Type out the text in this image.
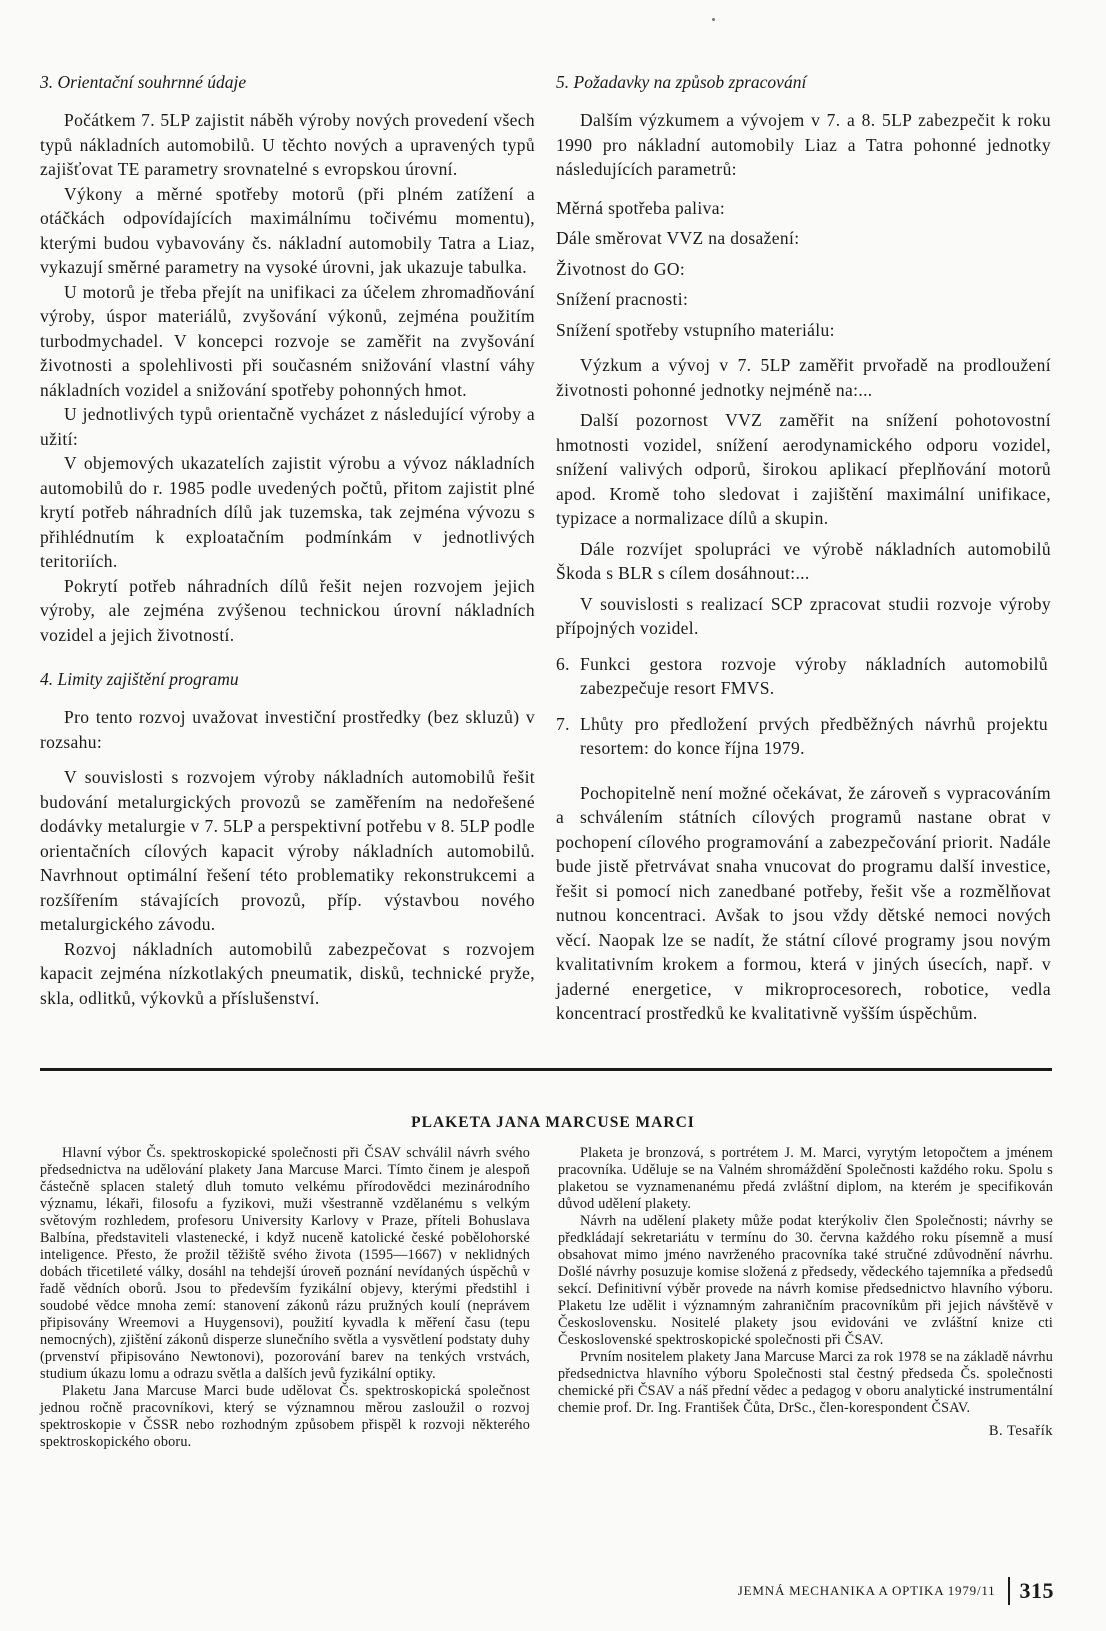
3. Orientační souhrnné údaje

Počátkem 7. 5LP zajistit náběh výroby nových provedení všech typů nákladních automobilů. U těchto nových a upravených typů zajišťovat TE parametry srovnatelné s evropskou úrovní.

Výkony a měrné spotřeby motorů (při plném zatížení a otáčkách odpovídajících maximálnímu točivému momentu), kterými budou vybavovány čs. nákladní automobily Tatra a Liaz, vykazují směrné parametry na vysoké úrovni, jak ukazuje tabulka.

U motorů je třeba přejít na unifikaci za účelem zhromadňování výroby, úspor materiálů, zvyšování výkonů, zejména použitím turbodmychadel. V koncepci rozvoje se zaměřit na zvyšování životnosti a spolehlivosti při současném snižování vlastní váhy nákladních vozidel a snižování spotřeby pohonných hmot.

U jednotlivých typů orientačně vycházet z následující výroby a užití:

V objemových ukazatelích zajistit výrobu a vývoz nákladních automobilů do r. 1985 podle uvedených počtů, přitom zajistit plné krytí potřeb náhradních dílů jak tuzemska, tak zejména vývozu s přihlédnutím k exploatačním podmínkám v jednotlivých teritoriích.

Pokrytí potřeb náhradních dílů řešit nejen rozvojem jejich výroby, ale zejména zvýšenou technickou úrovní nákladních vozidel a jejich životností.

4. Limity zajištění programu

Pro tento rozvoj uvažovat investiční prostředky (bez skluzů) v rozsahu:

V souvislosti s rozvojem výroby nákladních automobilů řešit budování metalurgických provozů se zaměřením na nedořešené dodávky metalurgie v 7. 5LP a perspektivní potřebu v 8. 5LP podle orientačních cílových kapacit výroby nákladních automobilů. Navrhnout optimální řešení této problematiky rekonstrukcemi a rozšířením stávajících provozů, příp. výstavbou nového metalurgického závodu.

Rozvoj nákladních automobilů zabezpečovat s rozvojem kapacit zejména nízkotlakých pneumatik, disků, technické pryže, skla, odlitků, výkovků a příslušenství.

5. Požadavky na způsob zpracování

Dalším výzkumem a vývojem v 7. a 8. 5LP zabezpečit k roku 1990 pro nákladní automobily Liaz a Tatra pohonné jednotky následujících parametrů:

Měrná spotřeba paliva:

Dále směrovat VVZ na dosažení:

Životnost do GO:

Snížení pracnosti:

Snížení spotřeby vstupního materiálu:

Výzkum a vývoj v 7. 5LP zaměřit prvořadě na prodloužení životnosti pohonné jednotky nejméně na:...

Další pozornost VVZ zaměřit na snížení pohotovostní hmotnosti vozidel, snížení aerodynamického odporu vozidel, snížení valivých odporů, širokou aplikací přeplňování motorů apod. Kromě toho sledovat i zajištění maximální unifikace, typizace a normalizace dílů a skupin.

Dále rozvíjet spolupráci ve výrobě nákladních automobilů Škoda s BLR s cílem dosáhnout:...

V souvislosti s realizací SCP zpracovat studii rozvoje výroby přípojných vozidel.

6. Funkci gestora rozvoje výroby nákladních automobilů zabezpečuje resort FMVS.
7. Lhůty pro předložení prvých předběžných návrhů projektu resortem: do konce října 1979.

Pochopitelně není možné očekávat, že zároveň s vypracováním a schválením státních cílových programů nastane obrat v pochopení cílového programování a zabezpečování priorit. Nadále bude jistě přetrvávat snaha vnucovat do programu další investice, řešit si pomocí nich zanedbané potřeby, řešit vše a rozmělňovat nutnou koncentraci. Avšak to jsou vždy dětské nemoci nových věcí. Naopak lze se nadít, že státní cílové programy jsou novým kvalitativním krokem a formou, která v jiných úsecích, např. v jaderné energetice, v mikroprocesorech, robotice, vedla koncentrací prostředků ke kvalitativně vyšším úspěchům.

PLAKETA JANA MARCUSE MARCI

Hlavní výbor Čs. spektroskopické společnosti při ČSAV schválil návrh svého předsednictva na udělování plakety Jana Marcuse Marci. Tímto činem je alespoň částečně splacen staletý dluh tomuto velkému přírodovědci mezinárodního významu, lékaři, filosofu a fyzikovi, muži všestranně vzdělanému s velkým světovým rozhledem, profesoru University Karlovy v Praze, příteli Bohuslava Balbína, představiteli vlastenecké, i když nuceně katolické české pobělohorské inteligence. Přesto, že prožil těžiště svého života (1595—1667) v neklidných dobách třicetileté války, dosáhl na tehdejší úroveň poznání nevídaných úspěchů v řadě vědních oborů. Jsou to především fyzikální objevy, kterými předstihl i soudobé vědce mnoha zemí: stanovení zákonů rázu pružných koulí (neprávem připisovány Wreemovi a Huygensovi), použití kyvadla k měření času (tepu nemocných), zjištění zákonů disperze slunečního světla a vysvětlení podstaty duhy (prvenství připisováno Newtonovi), pozorování barev na tenkých vrstvách, studium úkazu lomu a odrazu světla a dalších jevů fyzikální optiky.

Plaketu Jana Marcuse Marci bude udělovat Čs. spektroskopická společnost jednou ročně pracovníkovi, který se významnou měrou zasloužil o rozvoj spektroskopie v ČSSR nebo rozhodným způsobem přispěl k rozvoji některého spektroskopického oboru.

Plaketa je bronzová, s portrétem J. M. Marci, vyrytým letopočtem a jménem pracovníka. Uděluje se na Valném shromáždění Společnosti každého roku. Spolu s plaketou se vyznamenanému předá zvláštní diplom, na kterém je specifikován důvod udělení plakety.

Návrh na udělení plakety může podat kterýkoliv člen Společnosti; návrhy se předkládají sekretariátu v termínu do 30. června každého roku písemně a musí obsahovat mimo jméno navrženého pracovníka také stručné zdůvodnění návrhu. Došlé návrhy posuzuje komise složená z předsedy, vědeckého tajemníka a předsedů sekcí. Definitivní výběr provede na návrh komise předsednictvo hlavního výboru. Plaketu lze udělit i významným zahraničním pracovníkům při jejich návštěvě v Československu. Nositelé plakety jsou evidováni ve zvláštní knize cti Československé spektroskopické společnosti při ČSAV.

Prvním nositelem plakety Jana Marcuse Marci za rok 1978 se na základě návrhu předsednictva hlavního výboru Společnosti stal čestný předseda Čs. společnosti chemické při ČSAV a náš přední vědec a pedagog v oboru analytické instrumentální chemie prof. Dr. Ing. František Čůta, DrSc., člen-korespondent ČSAV.

B. Tesařík

JEMNÁ MECHANIKA A OPTIKA 1979/11 315
